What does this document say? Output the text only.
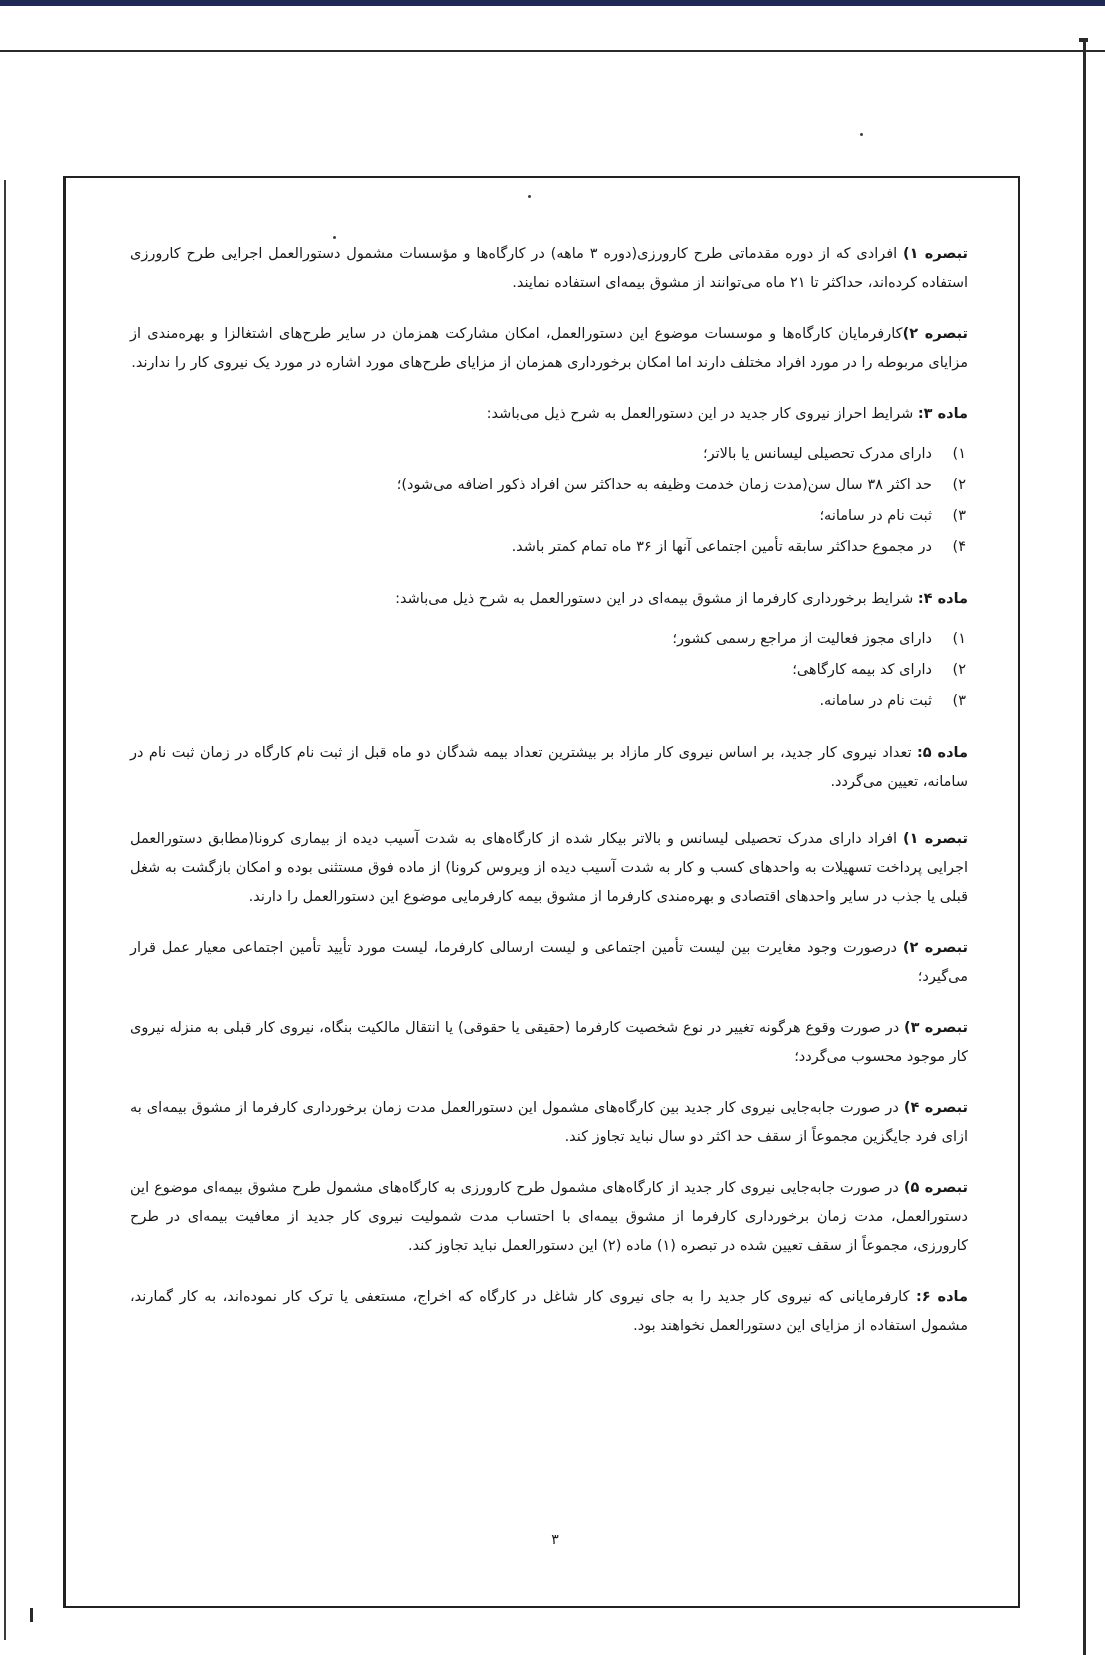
تبصره ۱) افرادی که از دوره مقدماتی طرح کارورزی(دوره ۳ ماهه) در کارگاه‌ها و مؤسسات مشمول دستورالعمل اجرایی طرح کارورزی استفاده کرده‌اند، حداکثر تا ۲۱ ماه می‌توانند از مشوق بیمه‌ای استفاده نمایند.

تبصره ۲)کارفرمایان کارگاه‌ها و موسسات موضوع این دستورالعمل، امکان مشارکت همزمان در سایر طرح‌های اشتغالزا و بهره‌مندی از مزایای مربوطه را در مورد افراد مختلف دارند اما امکان برخورداری همزمان از مزایای طرح‌های مورد اشاره در مورد یک نیروی کار را ندارند.

ماده ۳: شرایط احراز نیروی کار جدید در این دستورالعمل به شرح ذیل می‌باشد:

۱)
دارای مدرک تحصیلی لیسانس یا بالاتر؛
۲)
حد اکثر ۳۸ سال سن(مدت زمان خدمت وظیفه به حداکثر سن افراد ذکور اضافه می‌شود)؛
۳)
ثبت نام در سامانه؛
۴)
در مجموع حداکثر سابقه تأمین اجتماعی آنها از ۳۶ ماه تمام کمتر باشد.

ماده ۴: شرایط برخورداری کارفرما از مشوق بیمه‌ای در این دستورالعمل به شرح ذیل می‌باشد:

۱)
دارای مجوز فعالیت از مراجع رسمی کشور؛
۲)
دارای کد بیمه کارگاهی؛
۳)
ثبت نام در سامانه.

ماده ۵: تعداد نیروی کار جدید، بر اساس نیروی کار مازاد بر بیشترین تعداد بیمه شدگان دو ماه قبل از ثبت نام کارگاه در زمان ثبت نام در سامانه، تعیین می‌گردد.

تبصره ۱) افراد دارای مدرک تحصیلی لیسانس و بالاتر بیکار شده از کارگاه‌های به شدت آسیب دیده از بیماری کرونا(مطابق دستورالعمل اجرایی پرداخت تسهیلات به واحدهای کسب و کار به شدت آسیب دیده از ویروس کرونا) از ماده فوق مستثنی بوده و امکان بازگشت به شغل قبلی یا جذب در سایر واحدهای اقتصادی و بهره‌مندی کارفرما از مشوق بیمه کارفرمایی موضوع این دستورالعمل را دارند.

تبصره ۲) درصورت وجود مغایرت بین لیست تأمین اجتماعی و لیست ارسالی کارفرما، لیست مورد تأیید تأمین اجتماعی معیار عمل قرار می‌گیرد؛

تبصره ۳) در صورت وقوع هرگونه تغییر در نوع شخصیت کارفرما (حقیقی یا حقوقی) یا انتقال مالکیت بنگاه، نیروی کار قبلی به منزله نیروی کار موجود محسوب می‌گردد؛

تبصره ۴) در صورت جابه‌جایی نیروی کار جدید بین کارگاه‌های مشمول این دستورالعمل مدت زمان برخورداری کارفرما از مشوق بیمه‌ای به ازای فرد جایگزین مجموعاً از سقف حد اکثر دو سال نباید تجاوز کند.

تبصره ۵) در صورت جابه‌جایی نیروی کار جدید از کارگاه‌های مشمول طرح کارورزی به کارگاه‌های مشمول طرح مشوق بیمه‌ای موضوع این دستورالعمل، مدت زمان برخورداری کارفرما از مشوق بیمه‌ای با احتساب مدت شمولیت نیروی کار جدید از معافیت بیمه‌ای در طرح کارورزی، مجموعاً از سقف تعیین شده در تبصره (۱) ماده (۲) این دستورالعمل نباید تجاوز کند.

ماده ۶: کارفرمایانی که نیروی کار جدید را به جای نیروی کار شاغل در کارگاه که اخراج، مستعفی یا ترک کار نموده‌اند، به کار گمارند، مشمول استفاده از مزایای این دستورالعمل نخواهند بود.

۳
